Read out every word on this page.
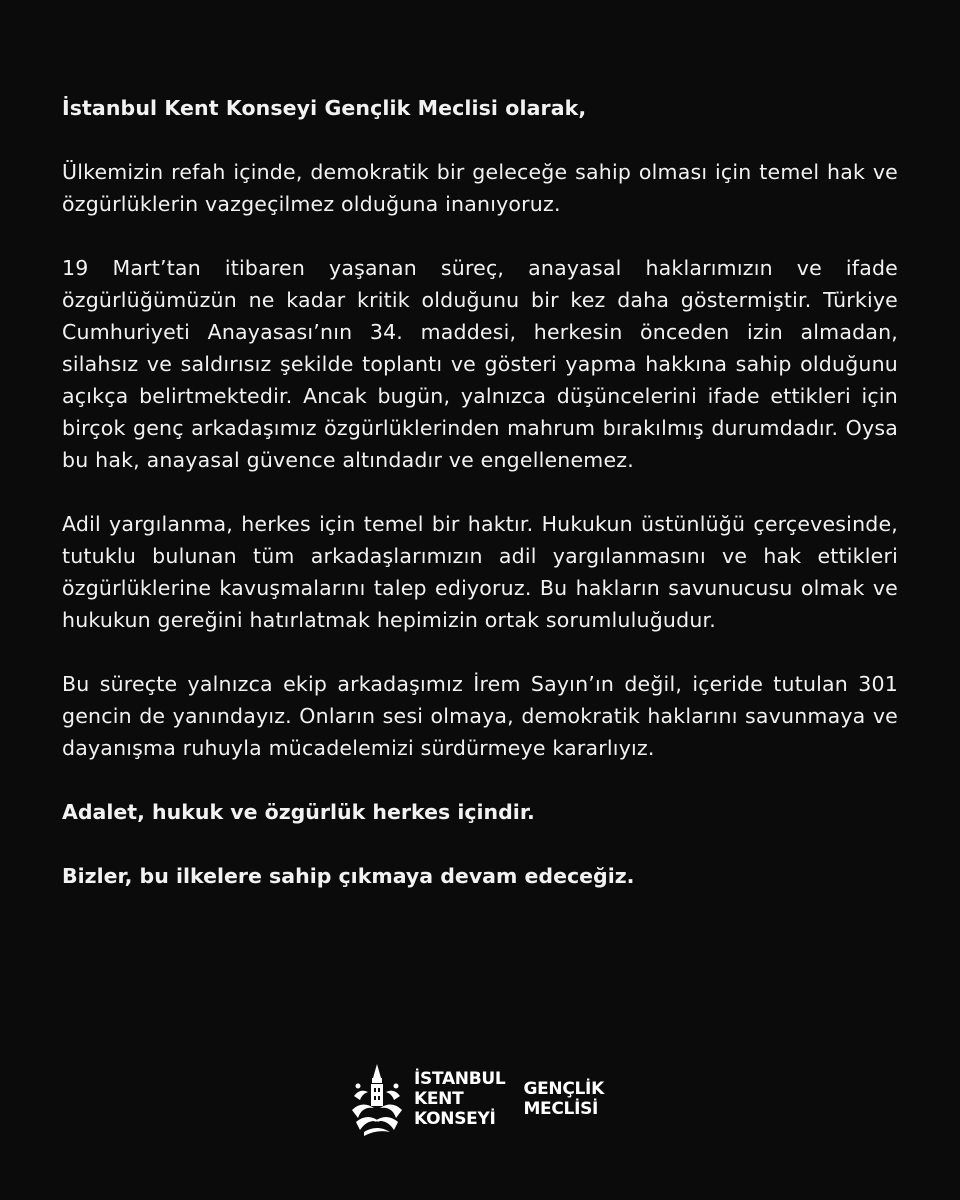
İstanbul Kent Konseyi Gençlik Meclisi olarak,

Ülkemizin refah içinde, demokratik bir geleceğe sahip olması için temel hak ve özgürlüklerin vazgeçilmez olduğuna inanıyoruz.

19 Mart’tan itibaren yaşanan süreç, anayasal haklarımızın ve ifade özgürlüğümüzün ne kadar kritik olduğunu bir kez daha göstermiştir. Türkiye Cumhuriyeti Anayasası’nın 34. maddesi, herkesin önceden izin almadan, silahsız ve saldırısız şekilde toplantı ve gösteri yapma hakkına sahip olduğunu açıkça belirtmektedir. Ancak bugün, yalnızca düşüncelerini ifade ettikleri için birçok genç arkadaşımız özgürlüklerinden mahrum bırakılmış durumdadır. Oysa bu hak, anayasal güvence altındadır ve engellenemez.

Adil yargılanma, herkes için temel bir haktır. Hukukun üstünlüğü çerçevesinde, tutuklu bulunan tüm arkadaşlarımızın adil yargılanmasını ve hak ettikleri özgürlüklerine kavuşmalarını talep ediyoruz. Bu hakların savunucusu olmak ve hukukun gereğini hatırlatmak hepimizin ortak sorumluluğudur.

Bu süreçte yalnızca ekip arkadaşımız İrem Sayın’ın değil, içeride tutulan 301 gencin de yanındayız. Onların sesi olmaya, demokratik haklarını savunmaya ve dayanışma ruhuyla mücadelemizi sürdürmeye kararlıyız.

Adalet, hukuk ve özgürlük herkes içindir.

Bizler, bu ilkelere sahip çıkmaya devam edeceğiz.

İSTANBUL
KENT
KONSEYİ
GENÇLİK
MECLİSİ
